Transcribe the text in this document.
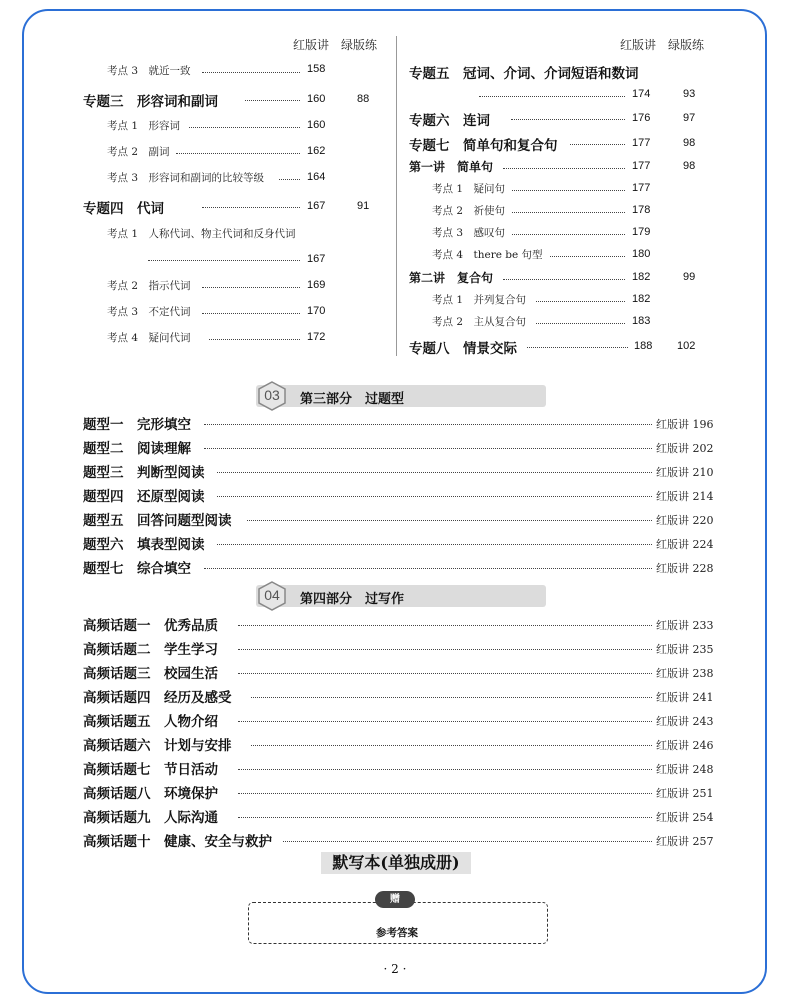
红版讲　绿版练	红版讲　绿版练
考点 3　就近一致	158
专题三　形容词和副词	160	88
考点 1　形容词	160
考点 2　副词	162
考点 3　形容词和副词的比较等级	164
专题四　代词	167	91
考点 1　人称代词、物主代词和反身代词
167
考点 2　指示代词	169
考点 3　不定代词	170
考点 4　疑问代词	172
专题五　冠词、介词、介词短语和数词
174	93
专题六　连词	176	97
专题七　简单句和复合句	177	98
第一讲　简单句	177	98
考点 1　疑问句	177
考点 2　祈使句	178
考点 3　感叹句	179
考点 4　there be 句型	180
第二讲　复合句	182	99
考点 1　并列复合句	182
考点 2　主从复合句	183
专题八　情景交际	188 102
03	第三部分　过题型
题型一　完形填空	红版讲 196
题型二　阅读理解	红版讲 202
题型三　判断型阅读	红版讲 210
题型四　还原型阅读	红版讲 214
题型五　回答问题型阅读	红版讲 220
题型六　填表型阅读	红版讲 224
题型七　综合填空	红版讲 228
04	第四部分　过写作
高频话题一　优秀品质	红版讲 233
高频话题二　学生学习	红版讲 235
高频话题三　校园生活	红版讲 238
高频话题四　经历及感受	红版讲 241
高频话题五　人物介绍	红版讲 243
高频话题六　计划与安排	红版讲 246
高频话题七　节日活动	红版讲 248
高频话题八　环境保护	红版讲 251
高频话题九　人际沟通	红版讲 254
高频话题十　健康、安全与救护	红版讲 257
默写本(单独成册)
赠
参考答案
· 2 ·
